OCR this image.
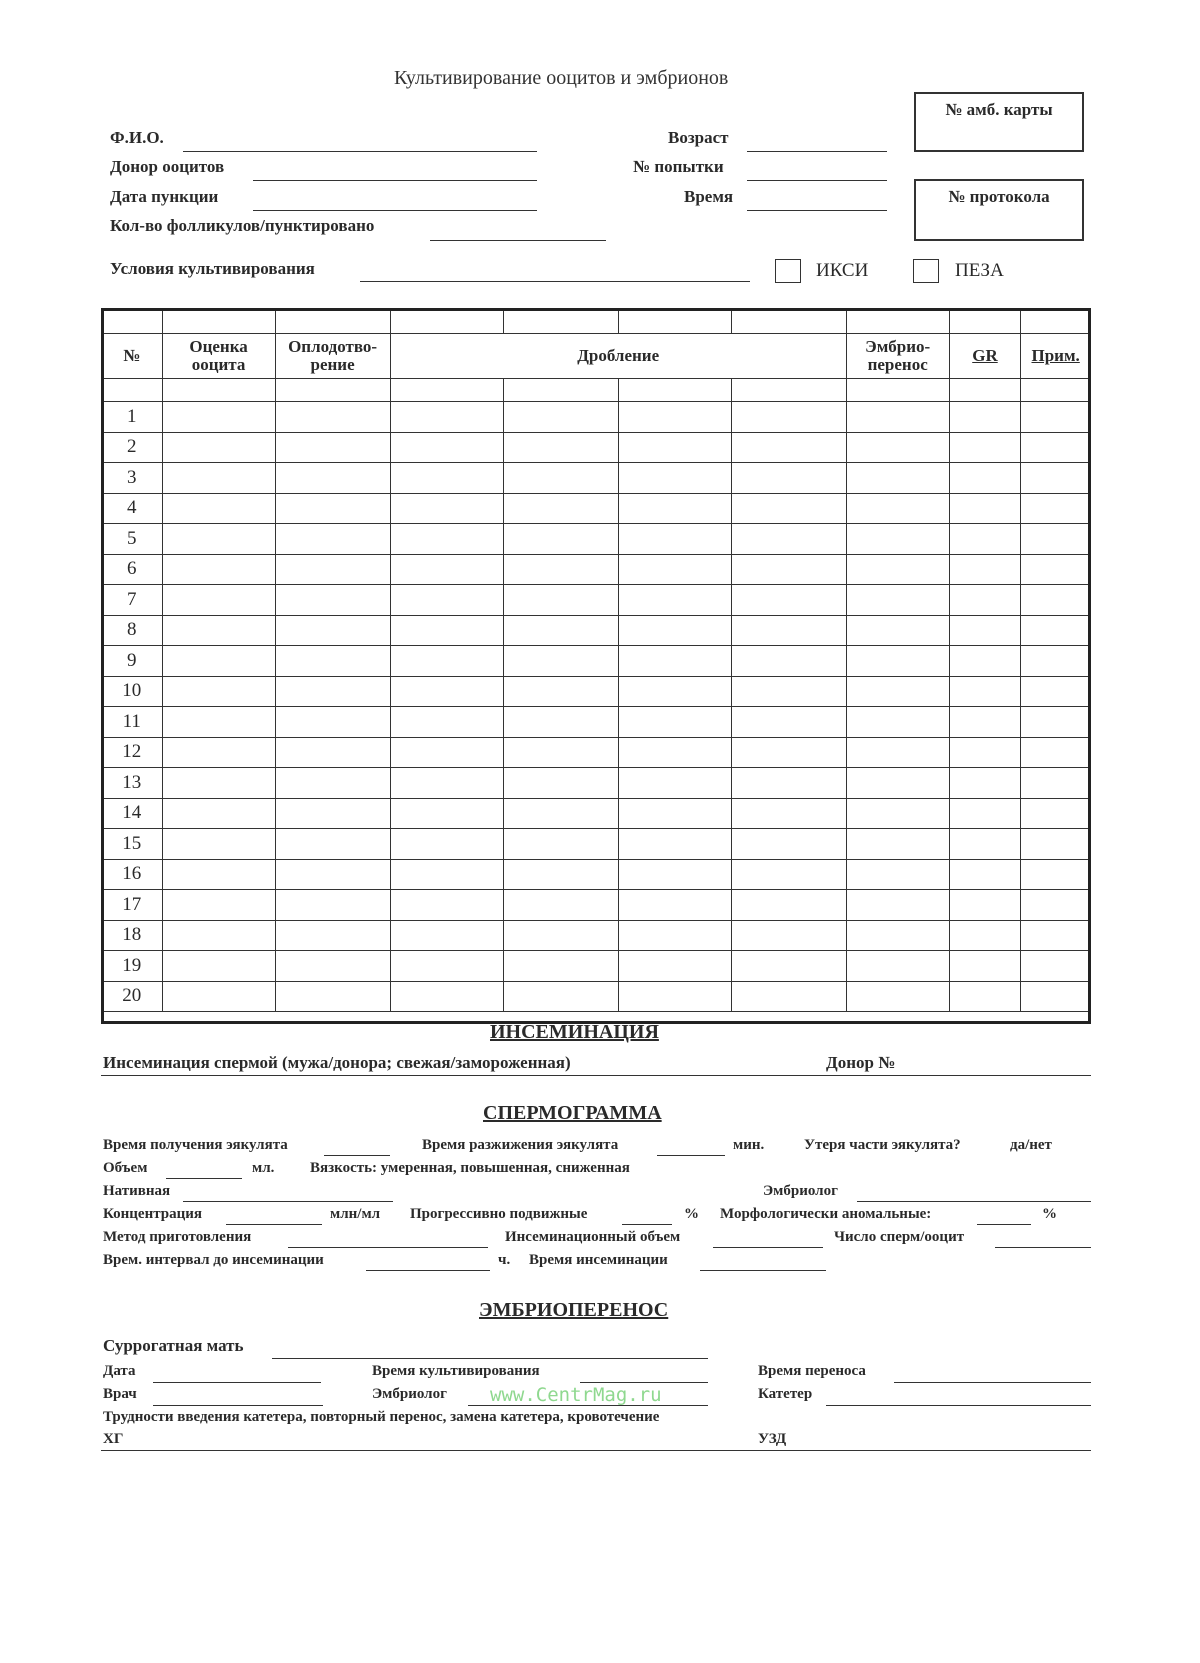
Культивирование ооцитов и эмбрионов
№ амб. карты
№ протокола
Ф.И.О.
Донор ооцитов
Дата пункции
Кол-во фолликулов/пунктировано
Условия культивирования
Возраст
№ попытки
Время
ИКСИ	ПЕЗА

№	Оценка ооцита	Оплодотво-рение	Дробление				Эмбрио-перенос	GR	Прим.

1									
2									
3									
4									
5									
6									
7									
8									
9									
10									
11									
12									
13									
14									
15									
16									
17									
18									
19									
20									
ИНСЕМИНАЦИЯ
Инсеминация спермой (мужа/донора; свежая/замороженная)	Донор №
СПЕРМОГРАММА
Время получения эякулята	Время разжижения эякулята	мин.	Утеря части эякулята?	да/нет
Объем	мл. Вязкость: умеренная, повышенная, сниженная
Нативная	Эмбриолог
Концентрация	млн/мл Прогрессивно подвижные	% Морфологически аномальные:	%
Метод приготовления	Инсеминационный объем	Число сперм/ооцит
Врем. интервал до инсеминации	ч. Время инсеминации
ЭМБРИОПЕРЕНОС
Суррогатная мать
Дата	Время культивирования	Время переноса
Врач	Эмбриолог www.CentrMag.ru	Катетер
Трудности введения катетера, повторный перенос, замена катетера, кровотечение
ХГ	УЗД
